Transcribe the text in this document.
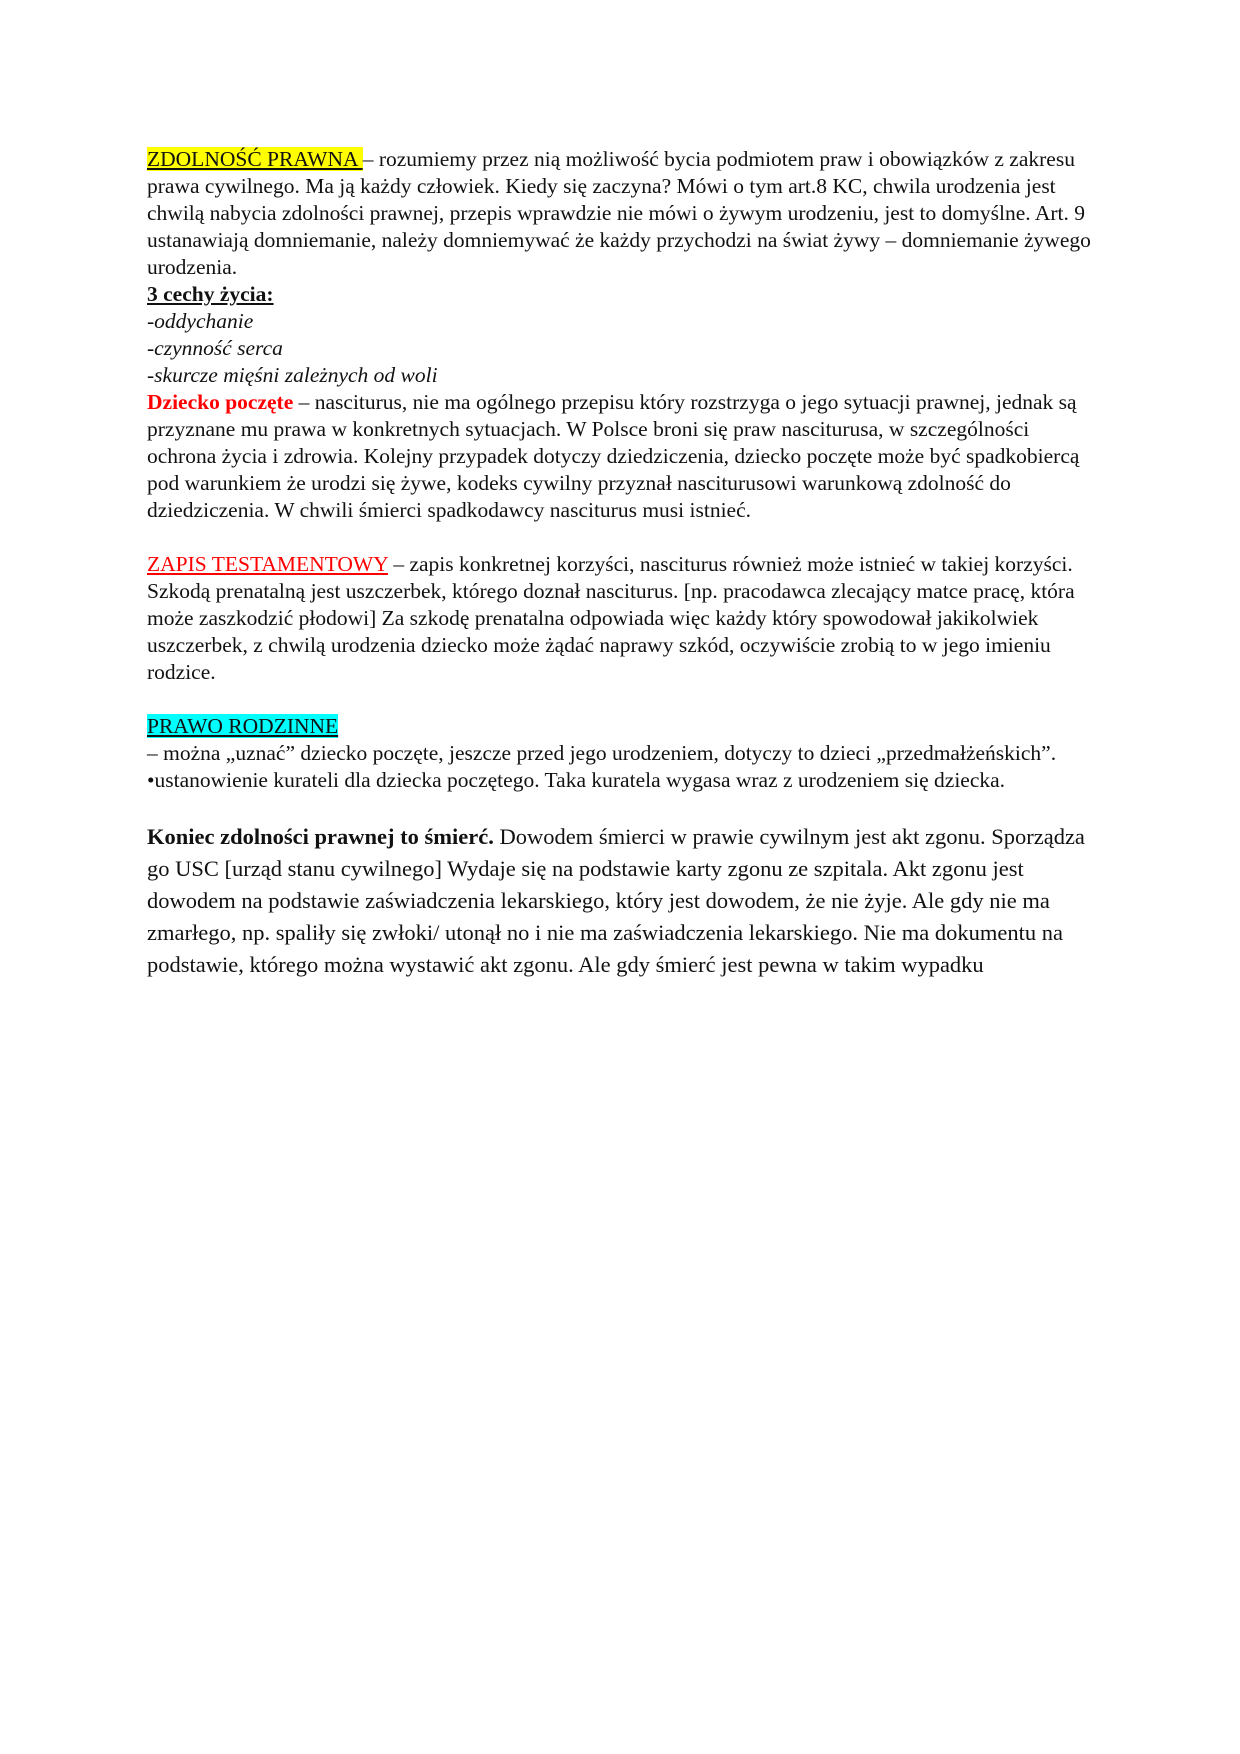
ZDOLNOŚĆ PRAWNA – rozumiemy przez nią możliwość bycia podmiotem praw i obowiązków z zakresu prawa cywilnego. Ma ją każdy człowiek. Kiedy się zaczyna? Mówi o tym art.8 KC, chwila urodzenia jest chwilą nabycia zdolności prawnej, przepis wprawdzie nie mówi o żywym urodzeniu, jest to domyślne. Art. 9 ustanawiają domniemanie, należy domniemywać że każdy przychodzi na świat żywy – domniemanie żywego urodzenia.

3 cechy życia:

-oddychanie

-czynność serca

-skurcze mięśni zależnych od woli

Dziecko poczęte – nasciturus, nie ma ogólnego przepisu który rozstrzyga o jego sytuacji prawnej, jednak są przyznane mu prawa w konkretnych sytuacjach. W Polsce broni się praw nasciturusa, w szczególności ochrona życia i zdrowia. Kolejny przypadek dotyczy dziedziczenia, dziecko poczęte może być spadkobiercą pod warunkiem że urodzi się żywe, kodeks cywilny przyznał nasciturusowi warunkową zdolność do dziedziczenia. W chwili śmierci spadkodawcy nasciturus musi istnieć.

ZAPIS TESTAMENTOWY – zapis konkretnej korzyści, nasciturus również może istnieć w takiej korzyści. Szkodą prenatalną jest uszczerbek, którego doznał nasciturus. [np. pracodawca zlecający matce pracę, która może zaszkodzić płodowi] Za szkodę prenatalna odpowiada więc każdy który spowodował jakikolwiek uszczerbek, z chwilą urodzenia dziecko może żądać naprawy szkód, oczywiście zrobią to w jego imieniu rodzice.

PRAWO RODZINNE

– można „uznać” dziecko poczęte, jeszcze przed jego urodzeniem, dotyczy to dzieci „przedmałżeńskich”.

•ustanowienie kurateli dla dziecka poczętego. Taka kuratela wygasa wraz z urodzeniem się dziecka.

Koniec zdolności prawnej to śmierć. Dowodem śmierci w prawie cywilnym jest akt zgonu. Sporządza go USC [urząd stanu cywilnego] Wydaje się na podstawie karty zgonu ze szpitala. Akt zgonu jest dowodem na podstawie zaświadczenia lekarskiego, który jest dowodem, że nie żyje. Ale gdy nie ma zmarłego, np. spaliły się zwłoki/ utonął no i nie ma zaświadczenia lekarskiego. Nie ma dokumentu na podstawie, którego można wystawić akt zgonu. Ale gdy śmierć jest pewna w takim wypadku
